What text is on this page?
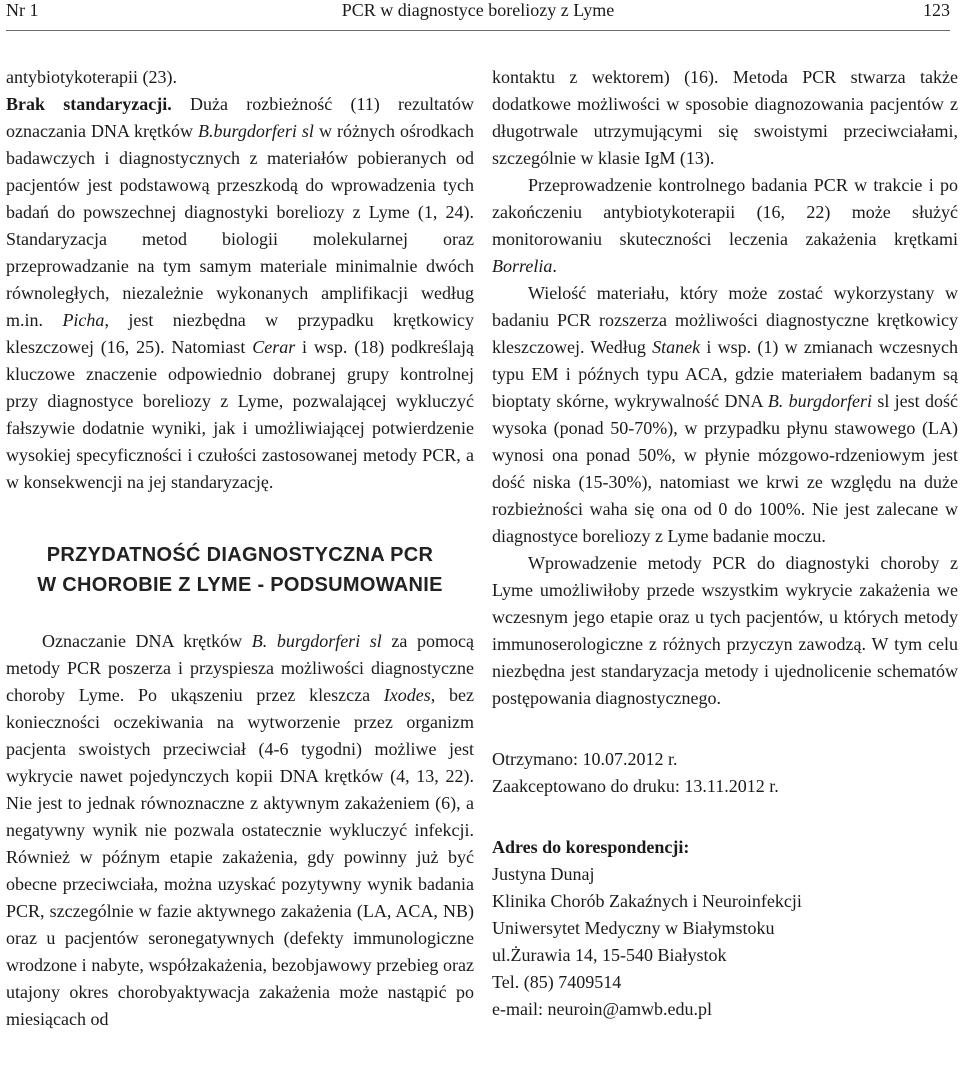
Nr 1	PCR w diagnostyce boreliozy z Lyme	123

antybiotykoterapii (23).

Brak standaryzacji. Duża rozbieżność (11) rezultatów oznaczania DNA krętków B.burgdorferi sl w różnych ośrodkach badawczych i diagnostycznych z materiałów pobieranych od pacjentów jest podstawową przeszkodą do wprowadzenia tych badań do powszechnej diagnostyki boreliozy z Lyme (1, 24). Standaryzacja metod biologii molekularnej oraz przeprowadzanie na tym samym materiale minimalnie dwóch równoległych, niezależnie wykonanych amplifikacji według m.in. Picha, jest niezbędna w przypadku krętkowicy kleszczowej (16, 25). Natomiast Cerar i wsp. (18) podkreślają kluczowe znaczenie odpowiednio dobranej grupy kontrolnej przy diagnostyce boreliozy z Lyme, pozwalającej wykluczyć fałszywie dodatnie wyniki, jak i umożliwiającej potwierdzenie wysokiej specyficzności i czułości zastosowanej metody PCR, a w konsekwencji na jej standaryzację.

PRZYDATNOŚĆ DIAGNOSTYCZNA PCR
W CHOROBIE Z LYME - PODSUMOWANIE

Oznaczanie DNA krętków B. burgdorferi sl za pomocą metody PCR poszerza i przyspiesza możliwości diagnostyczne choroby Lyme. Po ukąszeniu przez kleszcza Ixodes, bez konieczności oczekiwania na wytworzenie przez organizm pacjenta swoistych przeciwciał (4-6 tygodni) możliwe jest wykrycie nawet pojedynczych kopii DNA krętków (4, 13, 22). Nie jest to jednak równoznaczne z aktywnym zakażeniem (6), a negatywny wynik nie pozwala ostatecznie wykluczyć infekcji. Również w późnym etapie zakażenia, gdy powinny już być obecne przeciwciała, można uzyskać pozytywny wynik badania PCR, szczególnie w fazie aktywnego zakażenia (LA, ACA, NB) oraz u pacjentów seronegatywnych (defekty immunologiczne wrodzone i nabyte, współzakażenia, bezobjawowy przebieg oraz utajony okres chorobyaktywacja zakażenia może nastąpić po miesiącach od

kontaktu z wektorem) (16). Metoda PCR stwarza także dodatkowe możliwości w sposobie diagnozowania pacjentów z długotrwale utrzymującymi się swoistymi przeciwciałami, szczególnie w klasie IgM (13).

Przeprowadzenie kontrolnego badania PCR w trakcie i po zakończeniu antybiotykoterapii (16, 22) może służyć monitorowaniu skuteczności leczenia zakażenia krętkami Borrelia.

Wielość materiału, który może zostać wykorzystany w badaniu PCR rozszerza możliwości diagnostyczne krętkowicy kleszczowej. Według Stanek i wsp. (1) w zmianach wczesnych typu EM i późnych typu ACA, gdzie materiałem badanym są bioptaty skórne, wykrywalność DNA B. burgdorferi sl jest dość wysoka (ponad 50-70%), w przypadku płynu stawowego (LA) wynosi ona ponad 50%, w płynie mózgowo-rdzeniowym jest dość niska (15-30%), natomiast we krwi ze względu na duże rozbieżności waha się ona od 0 do 100%. Nie jest zalecane w diagnostyce boreliozy z Lyme badanie moczu.

Wprowadzenie metody PCR do diagnostyki choroby z Lyme umożliwiłoby przede wszystkim wykrycie zakażenia we wczesnym jego etapie oraz u tych pacjentów, u których metody immunoserologiczne z różnych przyczyn zawodzą. W tym celu niezbędna jest standaryzacja metody i ujednolicenie schematów postępowania diagnostycznego.

Otrzymano: 10.07.2012 r.

Zaakceptowano do druku: 13.11.2012 r.

Adres do korespondencji:

Justyna Dunaj

Klinika Chorób Zakaźnych i Neuroinfekcji

Uniwersytet Medyczny w Białymstoku

ul.Żurawia 14, 15-540 Białystok

Tel. (85) 7409514

e-mail: neuroin@amwb.edu.pl
